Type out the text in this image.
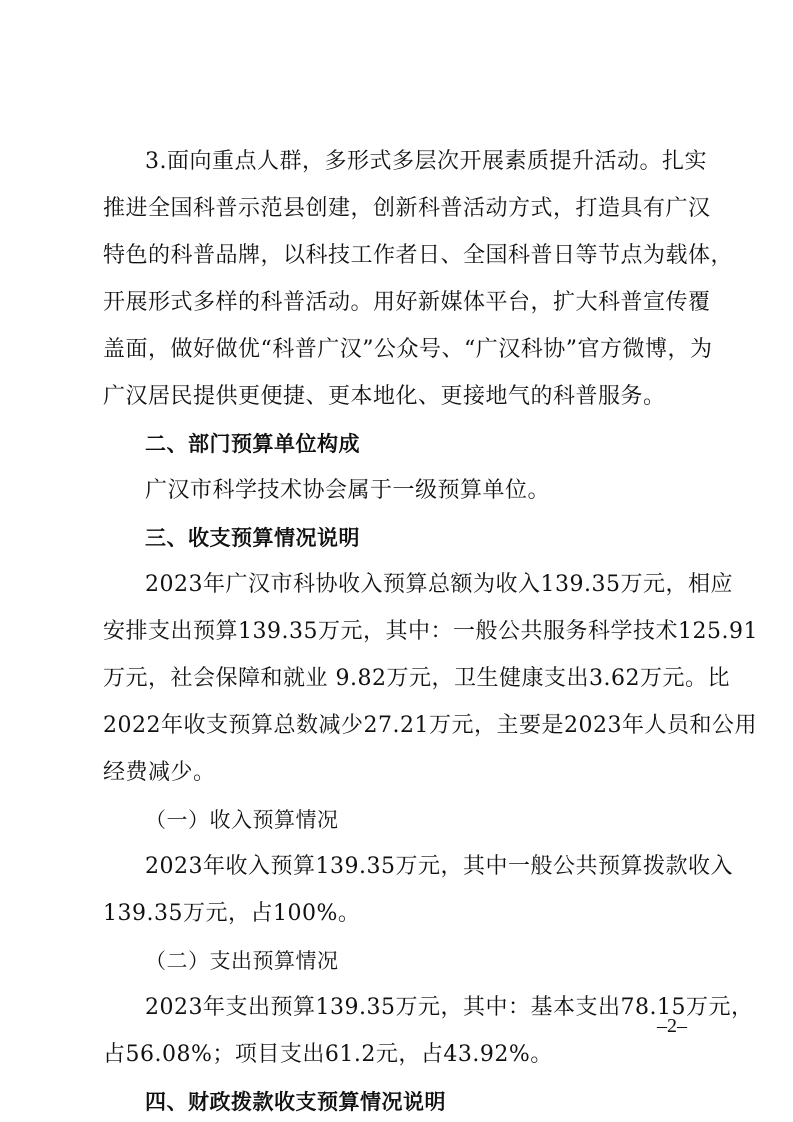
3.面向重点人群，多形式多层次开展素质提升活动。扎实
推进全国科普示范县创建，创新科普活动方式，打造具有广汉
特色的科普品牌，以科技工作者日、全国科普日等节点为载体，
开展形式多样的科普活动。用好新媒体平台，扩大科普宣传覆
盖面，做好做优“科普广汉”公众号、“广汉科协”官方微博，为
广汉居民提供更便捷、更本地化、更接地气的科普服务。
二、部门预算单位构成
广汉市科学技术协会属于一级预算单位。
三、收支预算情况说明
2023年广汉市科协收入预算总额为收入139.35万元，相应
安排支出预算139.35万元，其中：一般公共服务科学技术125.91
万元，社会保障和就业 9.82万元，卫生健康支出3.62万元。比
2022年收支预算总数减少27.21万元，主要是2023年人员和公用
经费减少。
（一）收入预算情况
2023年收入预算139.35万元，其中一般公共预算拨款收入
139.35万元，占100%。
（二）支出预算情况
2023年支出预算139.35万元，其中：基本支出78.15万元，
占56.08%；项目支出61.2元，占43.92%。
四、财政拨款收支预算情况说明
–2–
